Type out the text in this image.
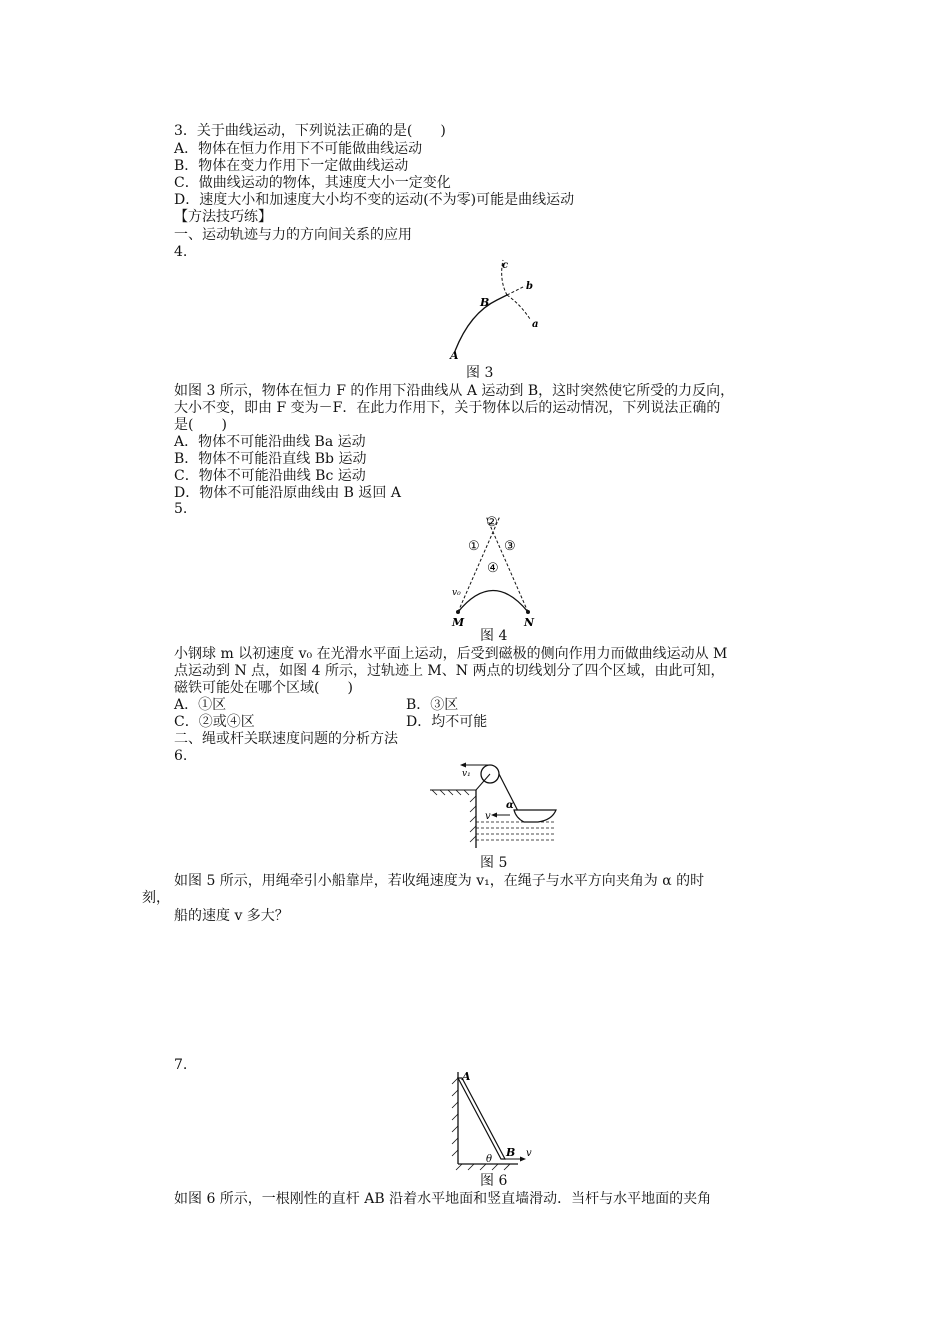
3．关于曲线运动，下列说法正确的是(　　)
A．物体在恒力作用下不可能做曲线运动
B．物体在变力作用下一定做曲线运动
C．做曲线运动的物体，其速度大小一定变化
D．速度大小和加速度大小均不变的运动(不为零)可能是曲线运动
【方法技巧练】
一、运动轨迹与力的方向间关系的应用
4.
c
b
a
B
A
图 3
如图 3 所示，物体在恒力 F 的作用下沿曲线从 A 运动到 B，这时突然使它所受的力反向，
大小不变，即由 F 变为－F．在此力作用下，关于物体以后的运动情况，下列说法正确的
是(　　)
A．物体不可能沿曲线 Ba 运动
B．物体不可能沿直线 Bb 运动
C．物体不可能沿曲线 Bc 运动
D．物体不可能沿原曲线由 B 返回 A
5.
②
① ③
④
v₀
M	N
图 4
小钢球 m 以初速度 v₀ 在光滑水平面上运动，后受到磁极的侧向作用力而做曲线运动从 M
点运动到 N 点，如图 4 所示，过轨迹上 M、N 两点的切线划分了四个区域，由此可知，
磁铁可能处在哪个区域(　　)
A．①区	B．③区
C．②或④区	D．均不可能
二、绳或杆关联速度问题的分析方法
6.
v₁
v
α
图 5
如图 5 所示，用绳牵引小船靠岸，若收绳速度为 v₁，在绳子与水平方向夹角为 α 的时
刻，
船的速度 v 多大？
7.
A
B v
θ
图 6
如图 6 所示，一根刚性的直杆 AB 沿着水平地面和竖直墙滑动．当杆与水平地面的夹角
